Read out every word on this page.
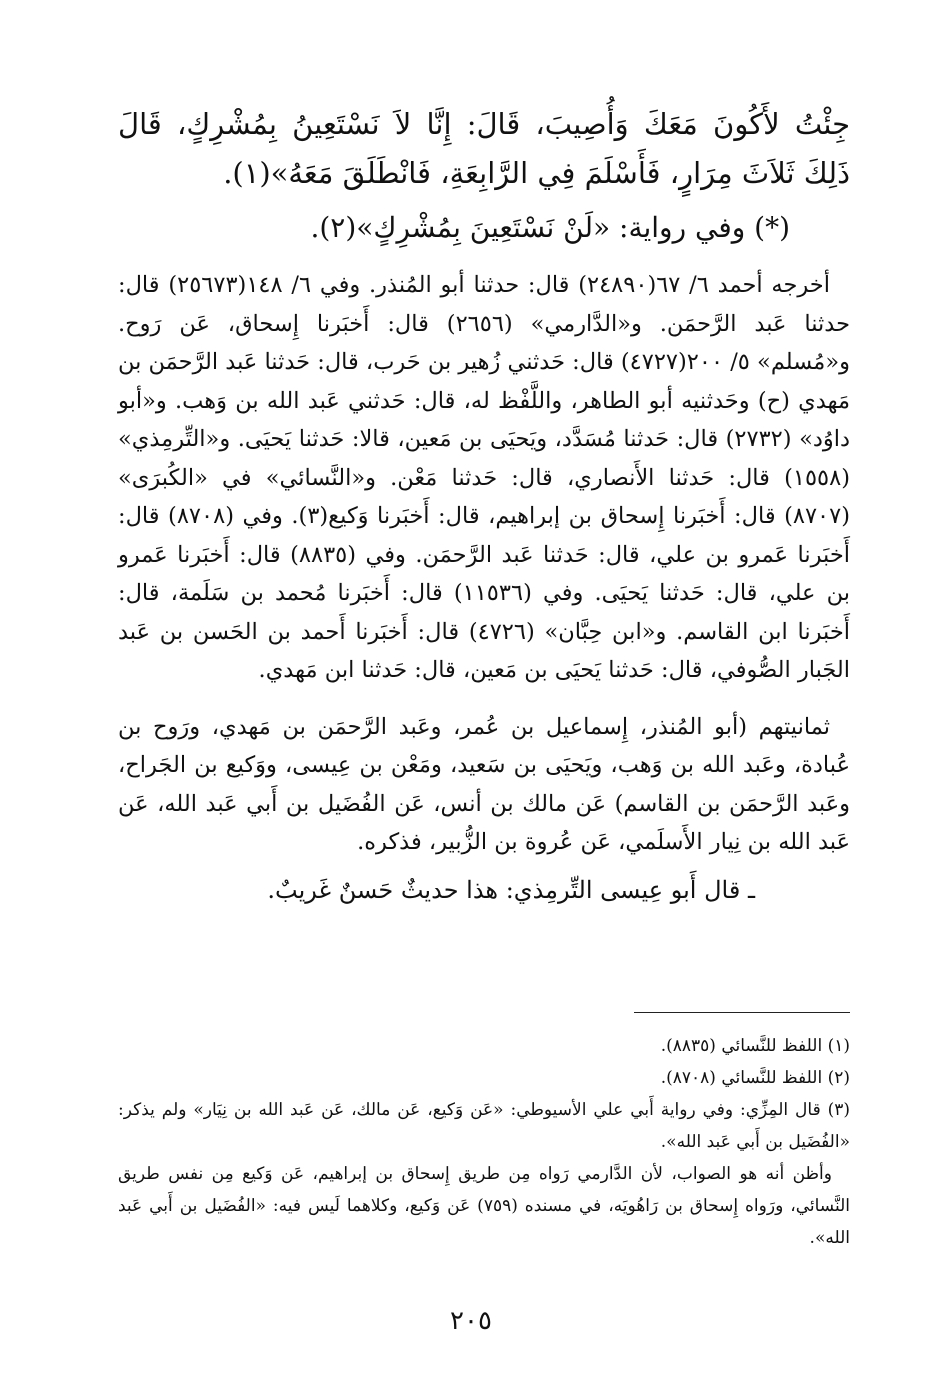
جِئْتُ لأَكُونَ مَعَكَ وَأُصِيبَ، قَالَ: إِنَّا لاَ نَسْتَعِينُ بِمُشْرِكٍ، قَالَ ذَلِكَ ثَلاَثَ مِرَارٍ، فَأَسْلَمَ فِي الرَّابِعَةِ، فَانْطَلَقَ مَعَهُ»(١).

(*) وفي رواية: «لَنْ نَسْتَعِينَ بِمُشْرِكٍ»(٢).

أخرجه أحمد ٦/ ٦٧(٢٤٨٩٠) قال: حدثنا أبو المُنذر. وفي ٦/ ١٤٨(٢٥٦٧٣) قال: حدثنا عَبد الرَّحمَن. و«الدَّارمي» (٢٦٥٦) قال: أَخبَرنا إِسحاق، عَن رَوح. و«مُسلم» ٥/ ٢٠٠(٤٧٢٧) قال: حَدثني زُهير بن حَرب، قال: حَدثنا عَبد الرَّحمَن بن مَهدي (ح) وحَدثنيه أبو الطاهر، واللَّفْظ له، قال: حَدثني عَبد الله بن وَهب. و«أبو داوُد» (٢٧٣٢) قال: حَدثنا مُسَدَّد، ويَحيَى بن مَعين، قالا: حَدثنا يَحيَى. و«التِّرمِذي» (١٥٥٨) قال: حَدثنا الأَنصاري، قال: حَدثنا مَعْن. و«النَّسائي» في «الكُبرَى» (٨٧٠٧) قال: أَخبَرنا إِسحاق بن إبراهيم، قال: أَخبَرنا وَكيع(٣). وفي (٨٧٠٨) قال: أَخبَرنا عَمرو بن علي، قال: حَدثنا عَبد الرَّحمَن. وفي (٨٨٣٥) قال: أَخبَرنا عَمرو بن علي، قال: حَدثنا يَحيَى. وفي (١١٥٣٦) قال: أَخبَرنا مُحمد بن سَلَمة، قال: أَخبَرنا ابن القاسم. و«ابن حِبَّان» (٤٧٢٦) قال: أَخبَرنا أَحمد بن الحَسن بن عَبد الجَبار الصُّوفي، قال: حَدثنا يَحيَى بن مَعين، قال: حَدثنا ابن مَهدي.

ثمانيتهم (أبو المُنذر، إِسماعيل بن عُمر، وعَبد الرَّحمَن بن مَهدي، ورَوح بن عُبادة، وعَبد الله بن وَهب، ويَحيَى بن سَعيد، ومَعْن بن عِيسى، ووَكيع بن الجَراح، وعَبد الرَّحمَن بن القاسم) عَن مالك بن أنس، عَن الفُضَيل بن أَبي عَبد الله، عَن عَبد الله بن نِيار الأَسلَمي، عَن عُروة بن الزُّبير، فذكره.

ـ قال أَبو عِيسى التِّرمِذي: هذا حديثٌ حَسنٌ غَريبٌ.

(١) اللفظ للنَّسائي (٨٨٣٥).

(٢) اللفظ للنَّسائي (٨٧٠٨).

(٣) قال المِزِّي: وفي رواية أَبي علي الأسيوطي: «عَن وَكيع، عَن مالك، عَن عَبد الله بن نِيَار» ولم يذكر: «الفُضَيل بن أَبي عَبد الله».

وأظن أنه هو الصواب، لأن الدَّارمي رَواه مِن طريق إِسحاق بن إبراهيم، عَن وَكيع مِن نفس طريق النَّسائي، ورَواه إِسحاق بن رَاهُويَه، في مسنده (٧٥٩) عَن وَكيع، وكلاهما لَيس فيه: «الفُضَيل بن أَبي عَبد الله».

٢٠٥
